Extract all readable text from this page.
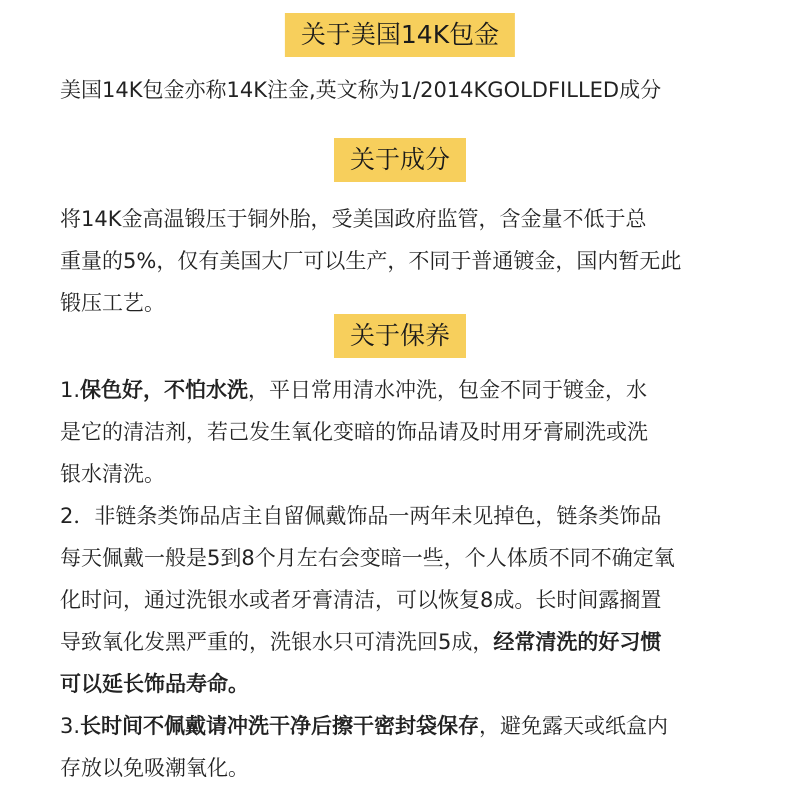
关于美国14K包金
美国14K包金亦称14K注金,英文称为1/2014KGOLDFILLED成分
关于成分

将14K金高温锻压于铜外胎，受美国政府监管，含金量不低于总
重量的5%，仅有美国大厂可以生产，不同于普通镀金，国内暂无此
锻压工艺。

关于保养

1.保色好，不怕水洗，平日常用清水冲洗，包金不同于镀金，水
是它的清洁剂，若己发生氧化变暗的饰品请及时用牙膏刷洗或洗
银水清洗。

2．非链条类饰品店主自留佩戴饰品一两年未见掉色，链条类饰品
每天佩戴一般是5到8个月左右会变暗一些，个人体质不同不确定氧
化时问，通过洗银水或者牙膏清洁，可以恢复8成。长时间露搁置
导致氧化发黑严重的，洗银水只可清洗回5成，经常清洗的好习惯
可以延长饰品寿命。

3.长时间不佩戴请冲洗干净后擦干密封袋保存，避免露天或纸盒内
存放以免吸潮氧化。
